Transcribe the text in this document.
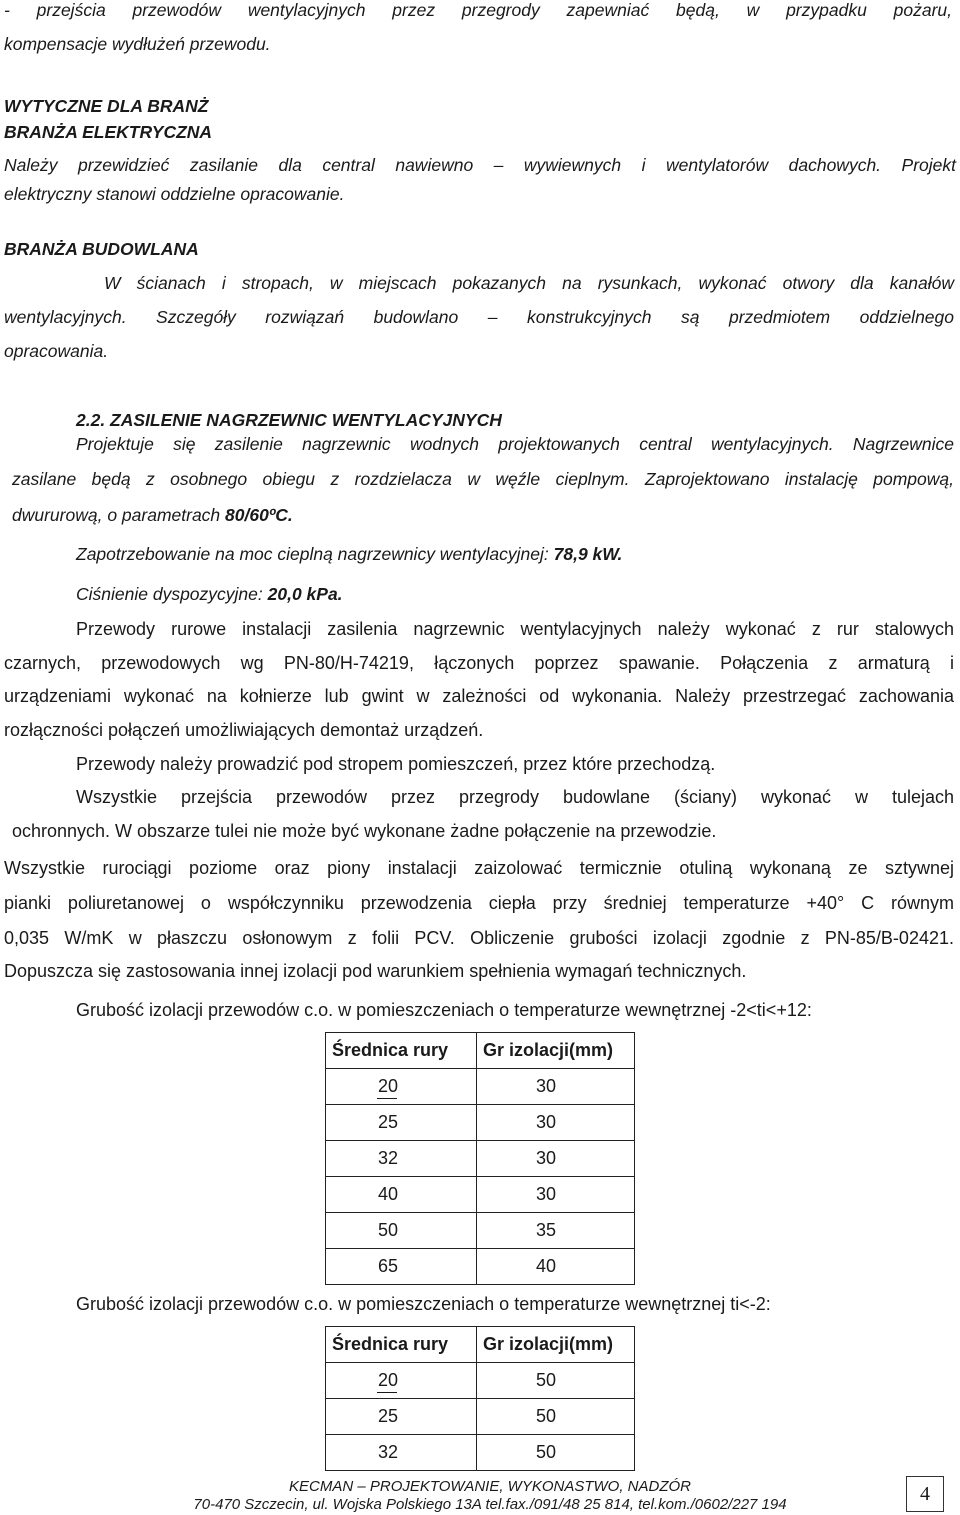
- przejścia przewodów wentylacyjnych przez przegrody zapewniać będą, w przypadku pożaru,
kompensacje wydłużeń przewodu.
WYTYCZNE DLA BRANŻ
BRANŻA ELEKTRYCZNA
Należy przewidzieć zasilanie dla central nawiewno – wywiewnych i wentylatorów dachowych. Projekt
elektryczny stanowi oddzielne opracowanie.
BRANŻA BUDOWLANA
W ścianach i stropach, w miejscach pokazanych na rysunkach, wykonać otwory dla kanałów
wentylacyjnych. Szczegóły rozwiązań budowlano – konstrukcyjnych są przedmiotem oddzielnego
opracowania.
2.2. ZASILENIE NAGRZEWNIC WENTYLACYJNYCH
Projektuje się zasilenie nagrzewnic wodnych projektowanych central wentylacyjnych. Nagrzewnice
zasilane będą z osobnego obiegu z rozdzielacza w węźle cieplnym. Zaprojektowano instalację pompową,
dwururową, o parametrach 80/60ºC.
Zapotrzebowanie na moc cieplną nagrzewnicy wentylacyjnej: 78,9 kW.
Ciśnienie dyspozycyjne: 20,0 kPa.
Przewody rurowe instalacji zasilenia nagrzewnic wentylacyjnych należy wykonać z rur stalowych
czarnych, przewodowych wg PN-80/H-74219, łączonych poprzez spawanie. Połączenia z armaturą i
urządzeniami wykonać na kołnierze lub gwint w zależności od wykonania. Należy przestrzegać zachowania
rozłączności połączeń umożliwiających demontaż urządzeń.
Przewody należy prowadzić pod stropem pomieszczeń, przez które przechodzą.
Wszystkie przejścia przewodów przez przegrody budowlane (ściany) wykonać w tulejach
ochronnych. W obszarze tulei nie może być wykonane żadne połączenie na przewodzie.
Wszystkie rurociągi poziome oraz piony instalacji zaizolować termicznie otuliną wykonaną ze sztywnej
pianki poliuretanowej o współczynniku przewodzenia ciepła przy średniej temperaturze +40° C równym
0,035 W/mK w płaszczu osłonowym z folii PCV. Obliczenie grubości izolacji zgodnie z PN-85/B-02421.
Dopuszcza się zastosowania innej izolacji pod warunkiem spełnienia wymagań technicznych.
Grubość izolacji przewodów c.o. w pomieszczeniach o temperaturze wewnętrznej -2<ti<+12:
Średnica rury	Gr izolacji(mm)
20	30
25	30
32	30
40	30
50	35
65	40
Grubość izolacji przewodów c.o. w pomieszczeniach o temperaturze wewnętrznej ti<-2:
Średnica rury	Gr izolacji(mm)
20	50
25	50
32	50
KECMAN – PROJEKTOWANIE, WYKONASTWO, NADZÓR
70-470 Szczecin, ul. Wojska Polskiego 13A tel.fax./091/48 25 814, tel.kom./0602/227 194	4
